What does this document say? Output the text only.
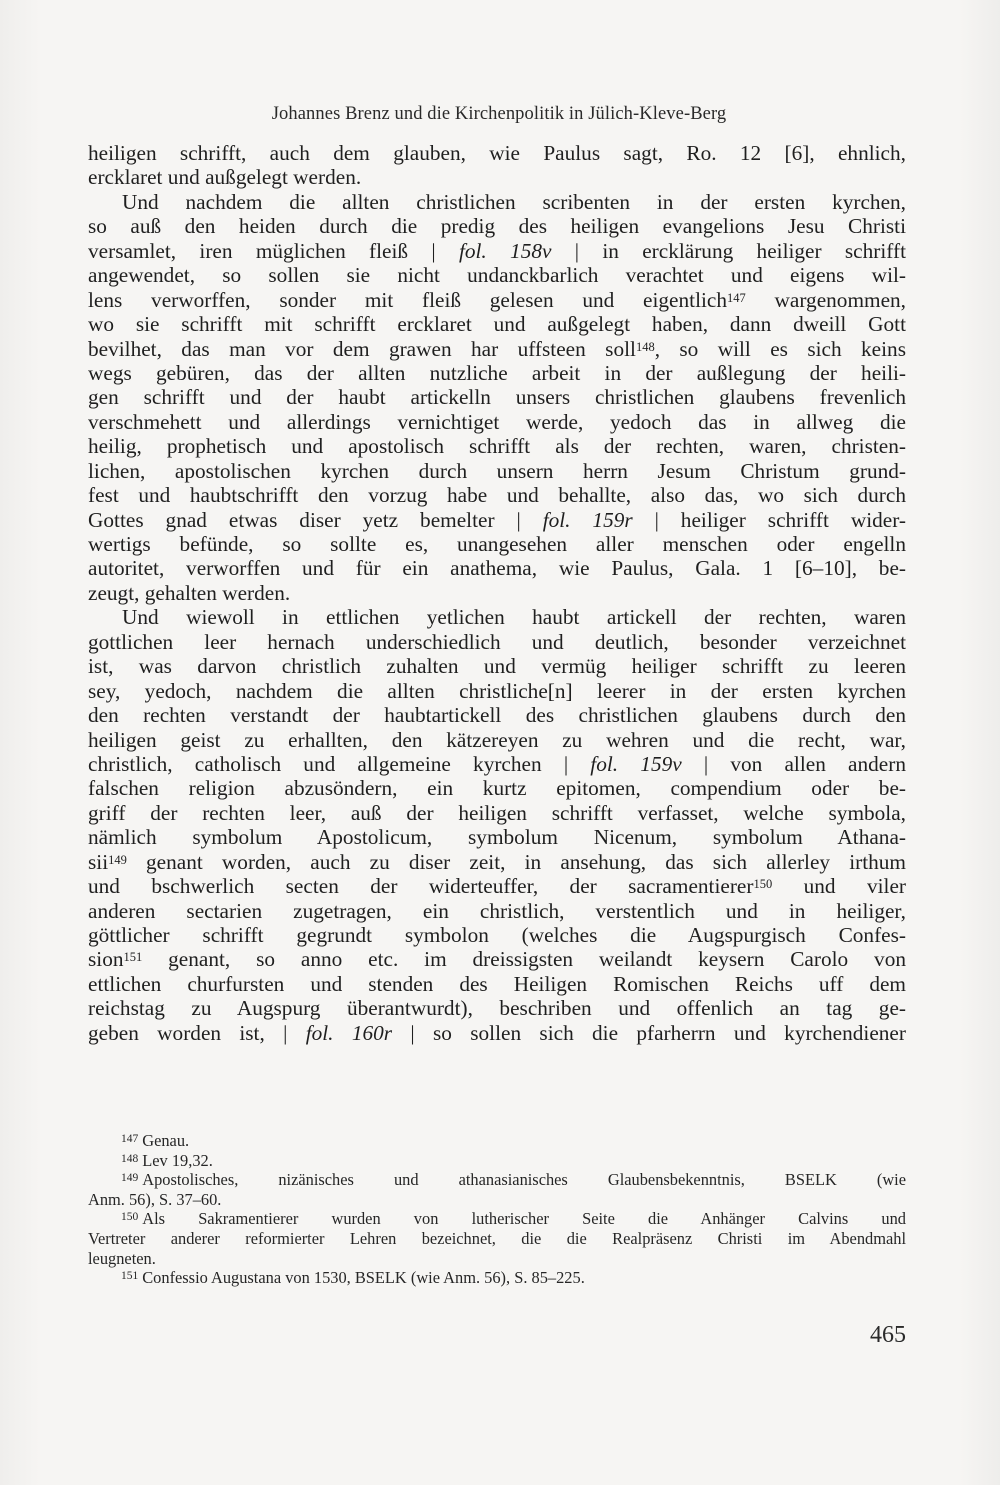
Johannes Brenz und die Kirchenpolitik in Jülich-Kleve-Berg
heiligen schrifft, auch dem glauben, wie Paulus sagt, Ro. 12 [6], ehnlich,
ercklaret und außgelegt werden.
Und nachdem die allten christlichen scribenten in der ersten kyrchen,
so auß den heiden durch die predig des heiligen evangelions Jesu Christi
versamlet, iren müglichen fleiß | fol. 158v | in ercklärung heiliger schrifft
angewendet, so sollen sie nicht undanckbarlich verachtet und eigens wil-
lens verworffen, sonder mit fleiß gelesen und eigentlich$^{147}$ wargenommen,
wo sie schrifft mit schrifft ercklaret und außgelegt haben, dann dweill Gott
bevilhet, das man vor dem grawen har uffsteen soll$^{148}$, so will es sich keins
wegs gebüren, das der allten nutzliche arbeit in der außlegung der heili-
gen schrifft und der haubt artickelln unsers christlichen glaubens frevenlich
verschmehett und allerdings vernichtiget werde, yedoch das in allweg die
heilig, prophetisch und apostolisch schrifft als der rechten, waren, christen-
lichen, apostolischen kyrchen durch unsern herrn Jesum Christum grund-
fest und haubtschrifft den vorzug habe und behallte, also das, wo sich durch
Gottes gnad etwas diser yetz bemelter | fol. 159r | heiliger schrifft wider-
wertigs befünde, so sollte es, unangesehen aller menschen oder engelln
autoritet, verworffen und für ein anathema, wie Paulus, Gala. 1 [6–10], be-
zeugt, gehalten werden.
Und wiewoll in ettlichen yetlichen haubt artickell der rechten, waren
gottlichen leer hernach underschiedlich und deutlich, besonder verzeichnet
ist, was darvon christlich zuhalten und vermüg heiliger schrifft zu leeren
sey, yedoch, nachdem die allten christliche[n] leerer in der ersten kyrchen
den rechten verstandt der haubtartickell des christlichen glaubens durch den
heiligen geist zu erhallten, den kätzereyen zu wehren und die recht, war,
christlich, catholisch und allgemeine kyrchen | fol. 159v | von allen andern
falschen religion abzusöndern, ein kurtz epitomen, compendium oder be-
griff der rechten leer, auß der heiligen schrifft verfasset, welche symbola,
nämlich symbolum Apostolicum, symbolum Nicenum, symbolum Athana-
sii$^{149}$ genant worden, auch zu diser zeit, in ansehung, das sich allerley irthum
und bschwerlich secten der widerteuffer, der sacramentierer$^{150}$ und viler
anderen sectarien zugetragen, ein christlich, verstentlich und in heiliger,
göttlicher schrifft gegrundt symbolon (welches die Augspurgisch Confes-
sion$^{151}$ genant, so anno etc. im dreissigsten weilandt keysern Carolo von
ettlichen churfursten und stenden des Heiligen Romischen Reichs uff dem
reichstag zu Augspurg überantwurdt), beschriben und offenlich an tag ge-
geben worden ist, | fol. 160r | so sollen sich die pfarherrn und kyrchendiener
$^{147}$ Genau.
$^{148}$ Lev 19,32.
$^{149}$ Apostolisches, nizänisches und athanasianisches Glaubensbekenntnis, BSELK (wie
Anm. 56), S. 37–60.
$^{150}$ Als Sakramentierer wurden von lutherischer Seite die Anhänger Calvins und
Vertreter anderer reformierter Lehren bezeichnet, die die Realpräsenz Christi im Abendmahl
leugneten.
$^{151}$ Confessio Augustana von 1530, BSELK (wie Anm. 56), S. 85–225.
465
